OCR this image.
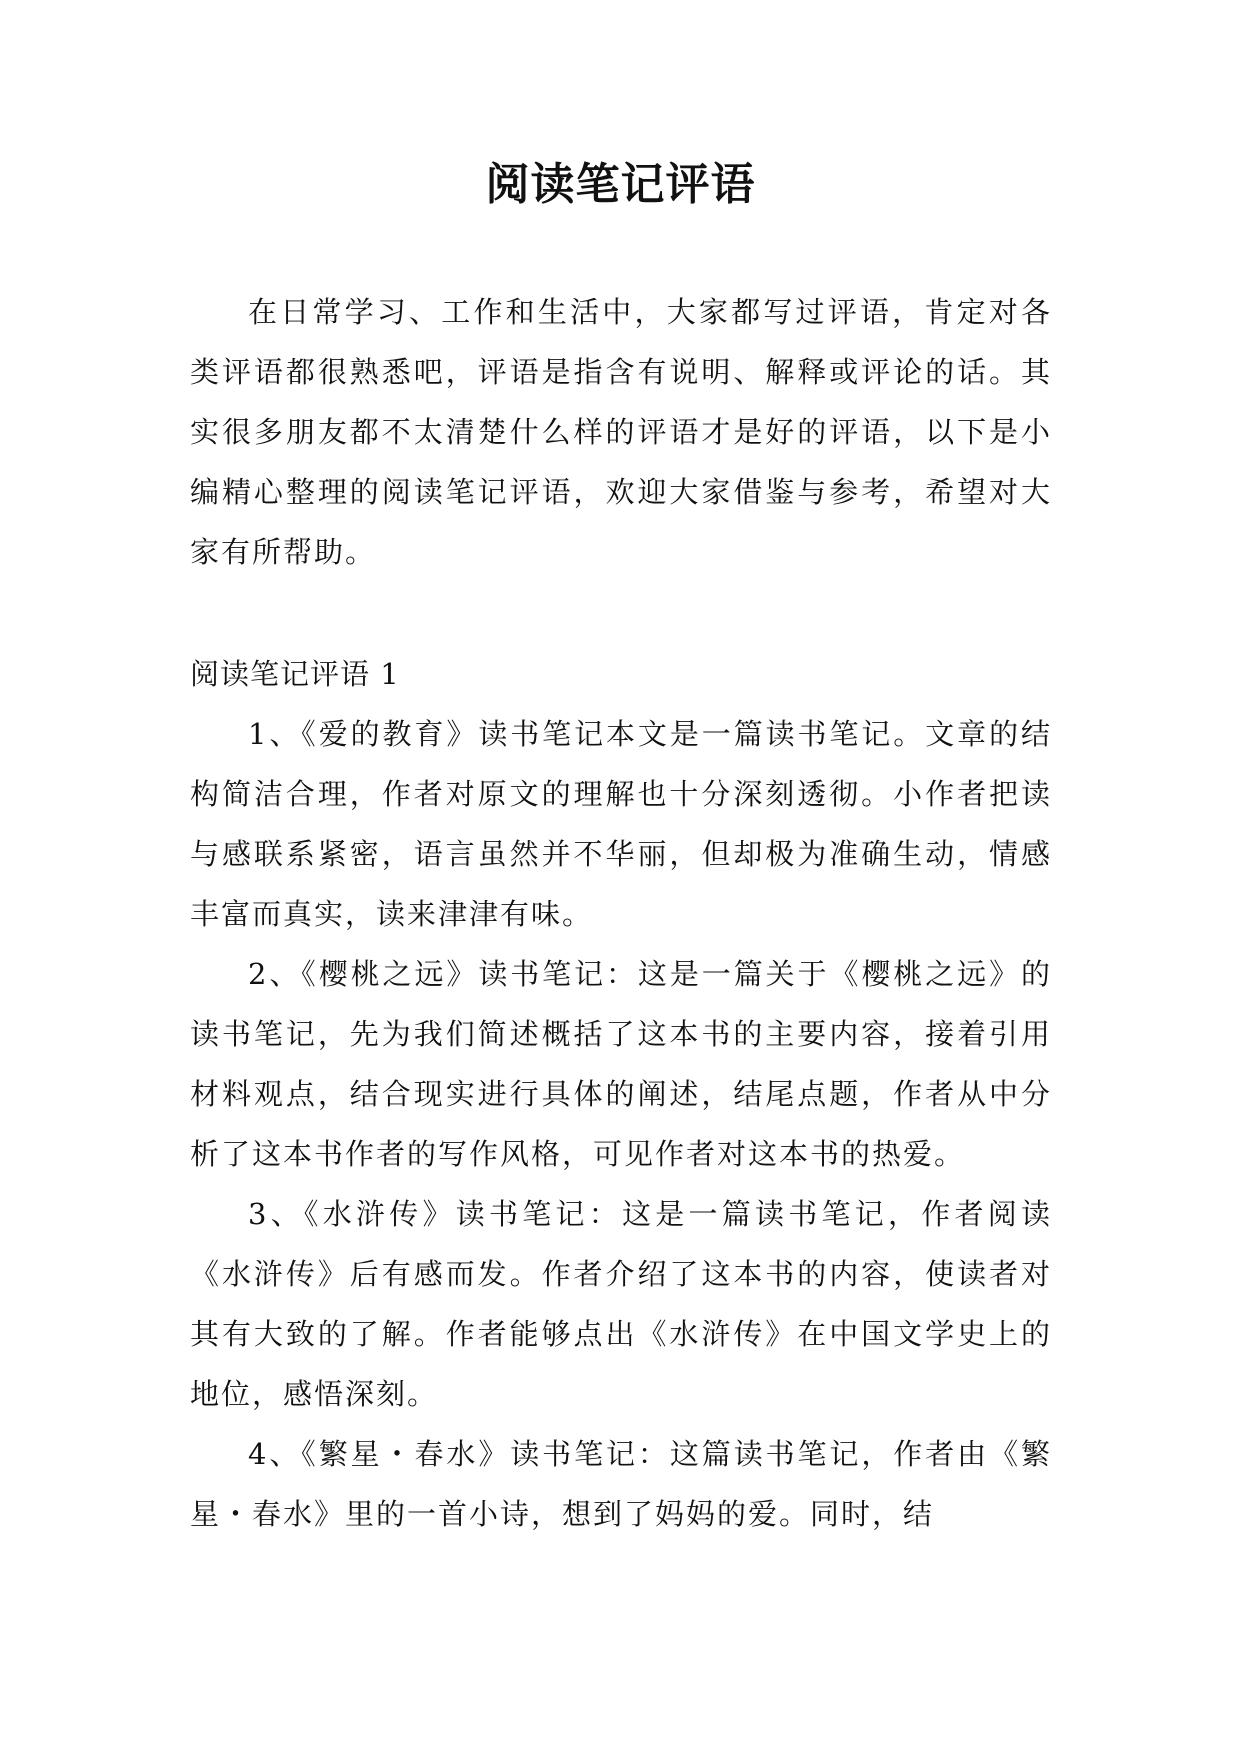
阅读笔记评语

在日常学习、工作和生活中，大家都写过评语，肯定对各类评语都很熟悉吧，评语是指含有说明、解释或评论的话。其实很多朋友都不太清楚什么样的评语才是好的评语，以下是小编精心整理的阅读笔记评语，欢迎大家借鉴与参考，希望对大家有所帮助。

阅读笔记评语 1

1、《爱的教育》读书笔记本文是一篇读书笔记。文章的结构简洁合理，作者对原文的理解也十分深刻透彻。小作者把读与感联系紧密，语言虽然并不华丽，但却极为准确生动，情感丰富而真实，读来津津有味。

2、《樱桃之远》读书笔记：这是一篇关于《樱桃之远》的读书笔记，先为我们简述概括了这本书的主要内容，接着引用材料观点，结合现实进行具体的阐述，结尾点题，作者从中分析了这本书作者的写作风格，可见作者对这本书的热爱。

3、《水浒传》读书笔记：这是一篇读书笔记，作者阅读《水浒传》后有感而发。作者介绍了这本书的内容，使读者对其有大致的了解。作者能够点出《水浒传》在中国文学史上的地位，感悟深刻。

4、《繁星・春水》读书笔记：这篇读书笔记，作者由《繁星・春水》里的一首小诗，想到了妈妈的爱。同时，结
